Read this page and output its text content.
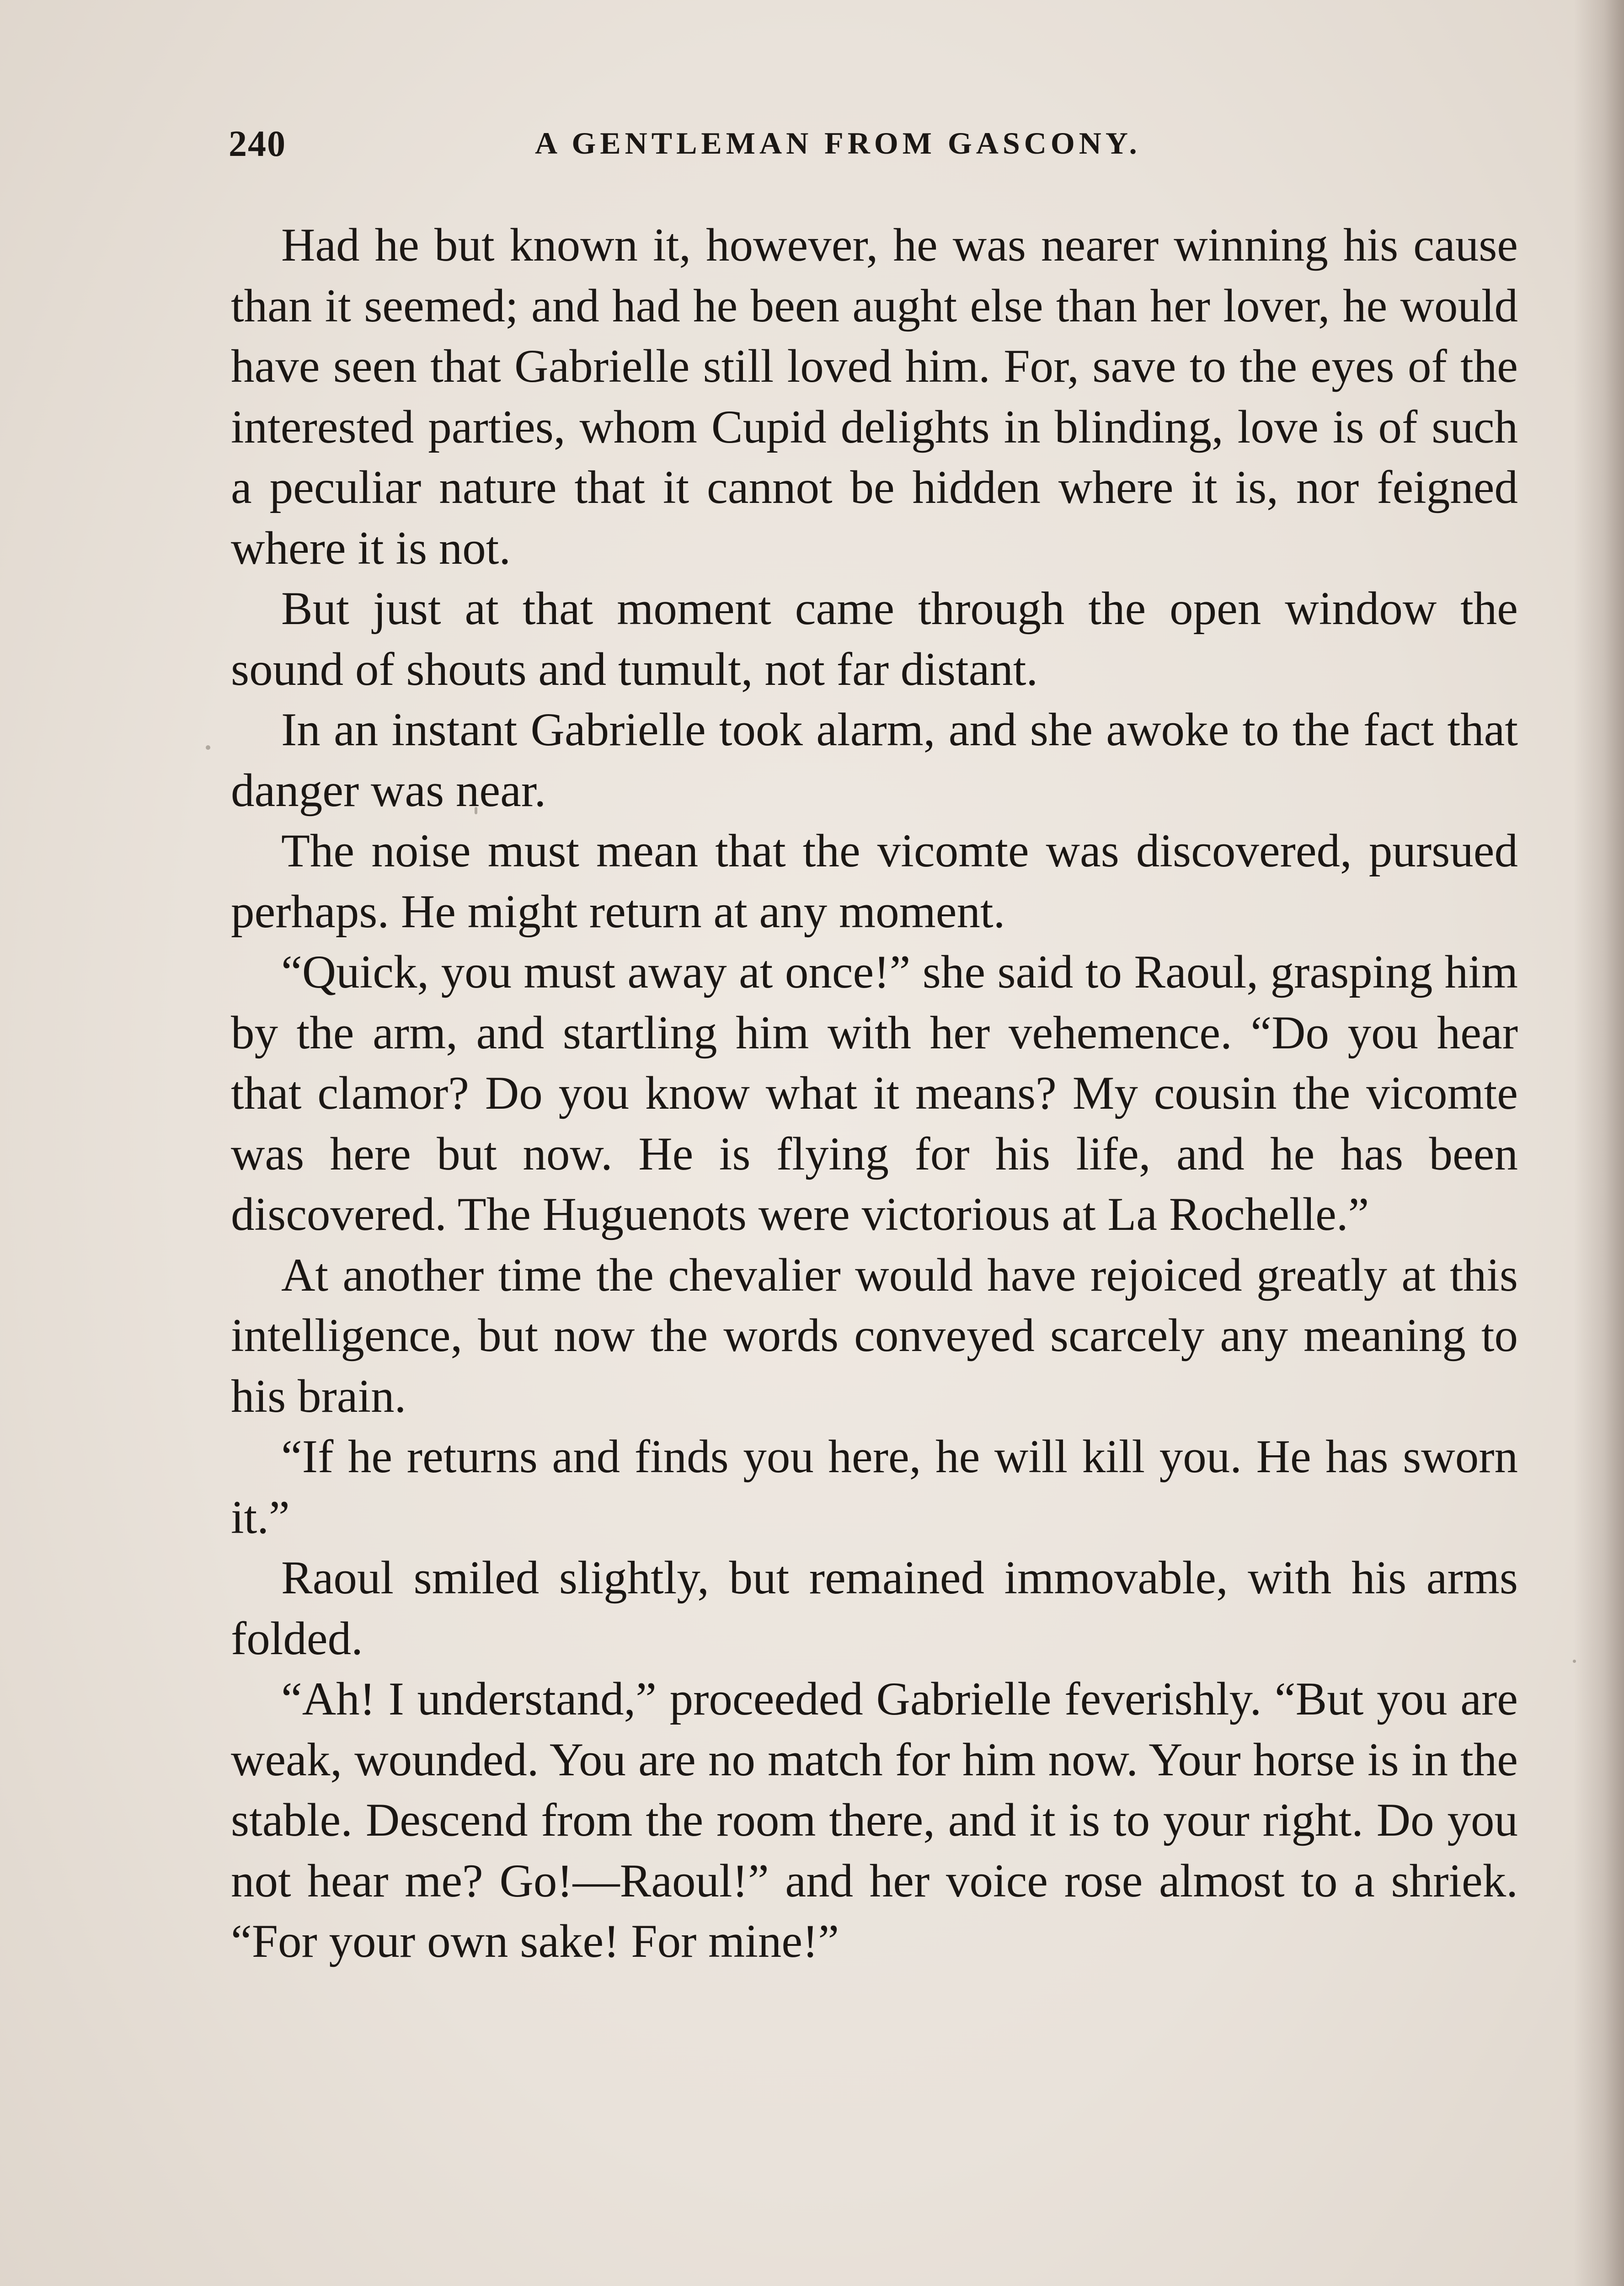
240	A GENTLEMAN FROM GASCONY.

Had he but known it, however, he was nearer winning his cause than it seemed; and had he been aught else than her lover, he would have seen that Gabrielle still loved him. For, save to the eyes of the interested parties, whom Cupid delights in blinding, love is of such a peculiar nature that it cannot be hidden where it is, nor feigned where it is not.

But just at that moment came through the open window the sound of shouts and tumult, not far distant.

In an instant Gabrielle took alarm, and she awoke to the fact that danger was near.

The noise must mean that the vicomte was discovered, pursued perhaps. He might return at any moment.

“Quick, you must away at once!” she said to Raoul, grasping him by the arm, and startling him with her vehemence. “Do you hear that clamor? Do you know what it means? My cousin the vicomte was here but now. He is flying for his life, and he has been discovered. The Huguenots were victorious at La Rochelle.”

At another time the chevalier would have rejoiced greatly at this intelligence, but now the words conveyed scarcely any meaning to his brain.

“If he returns and finds you here, he will kill you. He has sworn it.”

Raoul smiled slightly, but remained immovable, with his arms folded.

“Ah! I understand,” proceeded Gabrielle feverishly. “But you are weak, wounded. You are no match for him now. Your horse is in the stable. Descend from the room there, and it is to your right. Do you not hear me? Go!—Raoul!” and her voice rose almost to a shriek. “For your own sake! For mine!”
